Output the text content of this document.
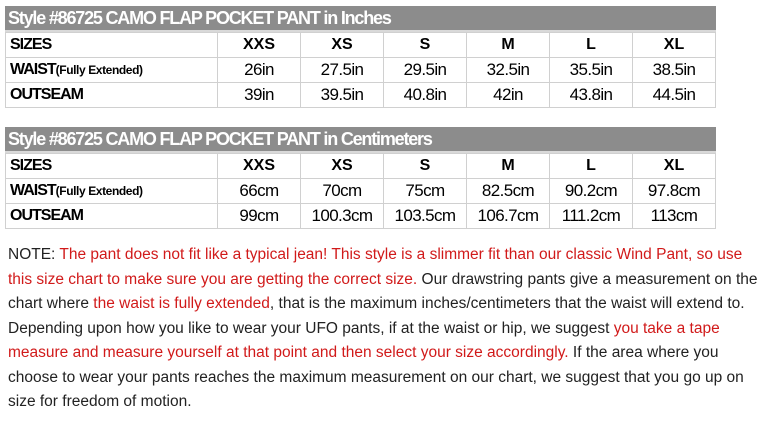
Style #86725 CAMO FLAP POCKET PANT in Inches
SIZES	XXS	XS	S	M	L	XL
WAIST(Fully Extended)	26in	27.5in	29.5in	32.5in	35.5in	38.5in
OUTSEAM	39in	39.5in	40.8in	42in	43.8in	44.5in
Style #86725 CAMO FLAP POCKET PANT in Centimeters
SIZES	XXS	XS	S	M	L	XL
WAIST(Fully Extended)	66cm	70cm	75cm	82.5cm	90.2cm	97.8cm
OUTSEAM	99cm	100.3cm	103.5cm	106.7cm	111.2cm	113cm
NOTE: The pant does not fit like a typical jean! This style is a slimmer fit than our classic Wind Pant, so use this size chart to make sure you are getting the correct size. Our drawstring pants give a measurement on the chart where the waist is fully extended, that is the maximum inches/centimeters that the waist will extend to. Depending upon how you like to wear your UFO pants, if at the waist or hip, we suggest you take a tape measure and measure yourself at that point and then select your size accordingly. If the area where you choose to wear your pants reaches the maximum measurement on our chart, we suggest that you go up on size for freedom of motion.
